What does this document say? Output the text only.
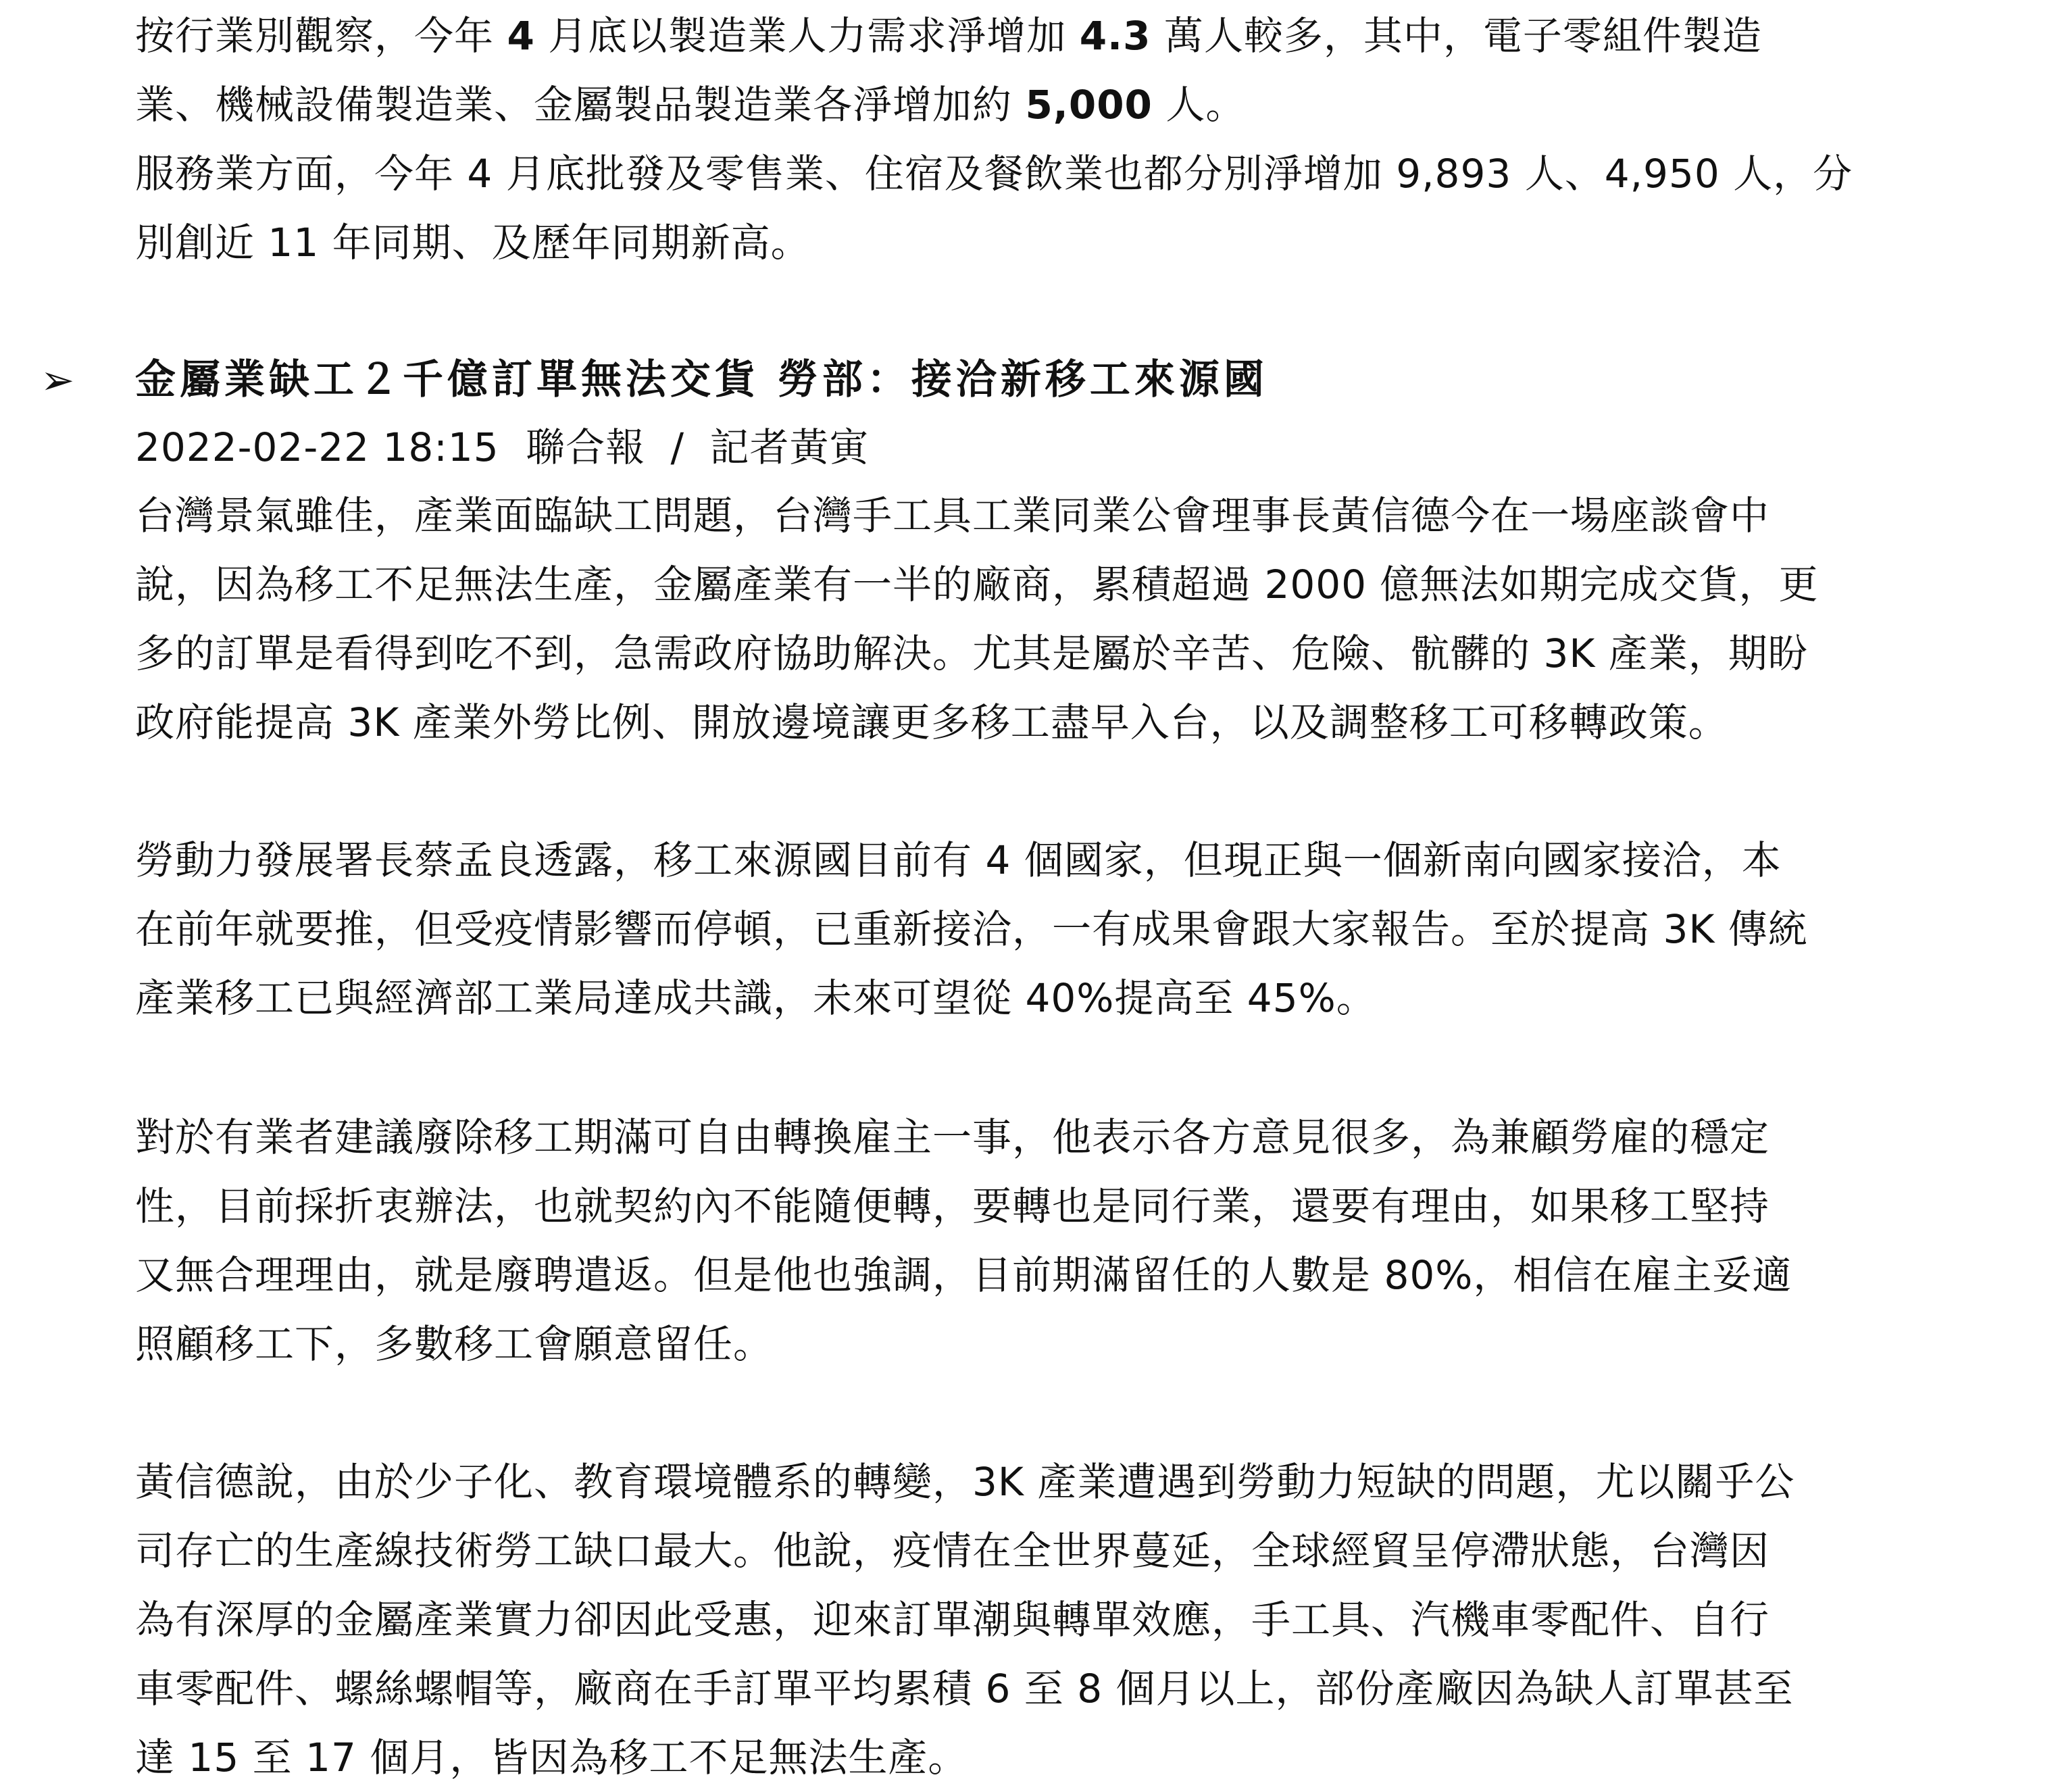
按行業別觀察，今年 4 月底以製造業人力需求淨增加 4.3 萬人較多，其中，電子零組件製造
業、機械設備製造業、金屬製品製造業各淨增加約 5,000 人。
服務業方面，今年 4 月底批發及零售業、住宿及餐飲業也都分別淨增加 9,893 人、4,950 人，分
別創近 11 年同期、及歷年同期新高。
➢ 金屬業缺工２千億訂單無法交貨 勞部：接洽新移工來源國
2022-02-22 18:15 聯合報 / 記者黃寅
台灣景氣雖佳，產業面臨缺工問題，台灣手工具工業同業公會理事長黃信德今在一場座談會中
說，因為移工不足無法生產，金屬產業有一半的廠商，累積超過 2000 億無法如期完成交貨，更
多的訂單是看得到吃不到，急需政府協助解決。尤其是屬於辛苦、危險、骯髒的 3K 產業，期盼
政府能提高 3K 產業外勞比例、開放邊境讓更多移工盡早入台，以及調整移工可移轉政策。
勞動力發展署長蔡孟良透露，移工來源國目前有 4 個國家，但現正與一個新南向國家接洽，本
在前年就要推，但受疫情影響而停頓，已重新接洽，一有成果會跟大家報告。至於提高 3K 傳統
產業移工已與經濟部工業局達成共識，未來可望從 40%提高至 45%。
對於有業者建議廢除移工期滿可自由轉換雇主一事，他表示各方意見很多，為兼顧勞雇的穩定
性，目前採折衷辦法，也就契約內不能隨便轉，要轉也是同行業，還要有理由，如果移工堅持
又無合理理由，就是廢聘遣返。但是他也強調，目前期滿留任的人數是 80%，相信在雇主妥適
照顧移工下，多數移工會願意留任。
黃信德說，由於少子化、教育環境體系的轉變，3K 產業遭遇到勞動力短缺的問題，尤以關乎公
司存亡的生產線技術勞工缺口最大。他說，疫情在全世界蔓延，全球經貿呈停滯狀態，台灣因
為有深厚的金屬產業實力卻因此受惠，迎來訂單潮與轉單效應，手工具、汽機車零配件、自行
車零配件、螺絲螺帽等，廠商在手訂單平均累積 6 至 8 個月以上，部份產廠因為缺人訂單甚至
達 15 至 17 個月，皆因為移工不足無法生產。
